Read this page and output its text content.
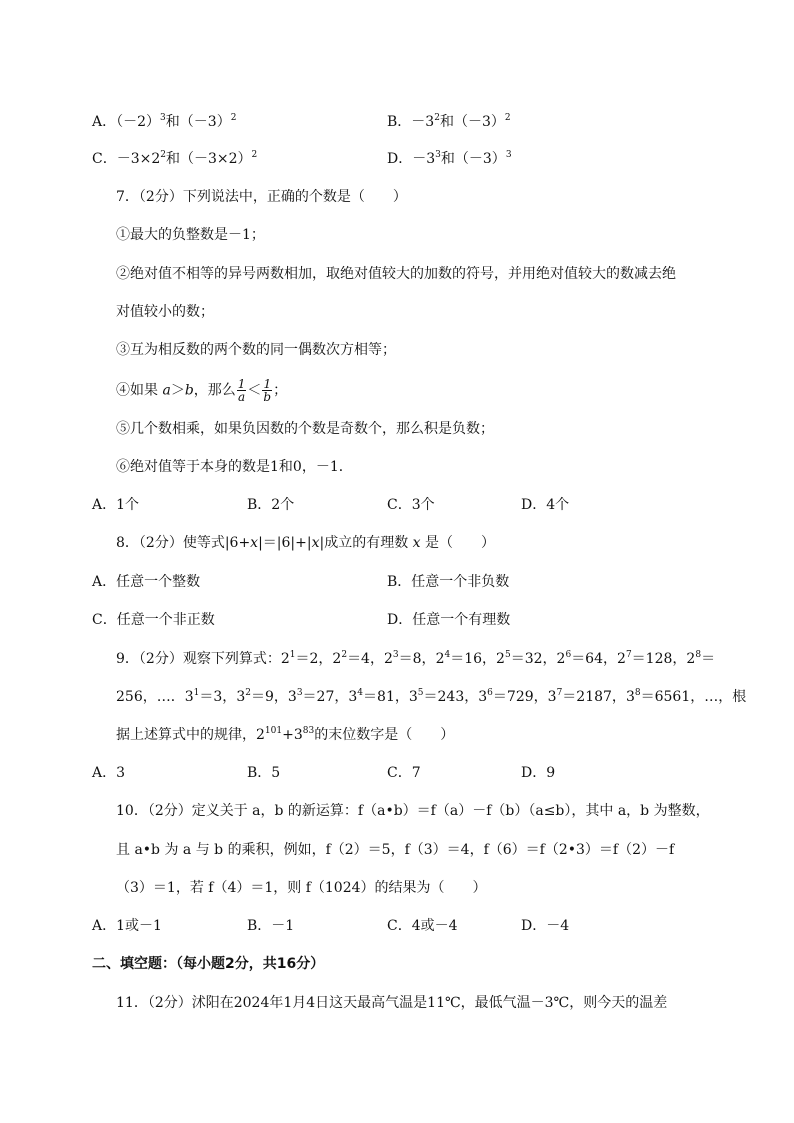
A．$(-2)^3$和$(-3)^2$	B．$-3^2$和$(-3)^2$
C．$-3\times 2^2$和$(-3\times 2)^2$	D．$-3^3$和$(-3)^3$
7．（2分）下列说法中，正确的个数是（　　）
①最大的负整数是－1；
②绝对值不相等的异号两数相加，取绝对值较大的加数的符号，并用绝对值较大的数减去绝
对值较小的数；
③互为相反数的两个数的同一偶数次方相等；
④如果 a＞b，那么 $\frac{1}{a} < \frac{1}{b}$ ；
⑤几个数相乘，如果负因数的个数是奇数个，那么积是负数；
⑥绝对值等于本身的数是1和0，－1．
A．1个	B．2个	C．3个	D．4个
8．（2分）使等式|6+x|＝|6|+|x|成立的有理数 x 是（　　）
A．任意一个整数	B．任意一个非负数
C．任意一个非正数	D．任意一个有理数
9．（2分）观察下列算式：$2^1=2$，$2^2=4$，$2^3=8$，$2^4=16$，$2^5=32$，$2^6=64$，$2^7=128$，$2^8=$
256，…．$3^1=3$，$3^2=9$，$3^3=27$，$3^4=81$，$3^5=243$，$3^6=729$，$3^7=2187$，$3^8=6561$，…，根
据上述算式中的规律，$2^{101}+3^{83}$的末位数字是（　　）
A．3	B．5	C．7	D．9
10．（2分）定义关于 a，b 的新运算：f（a•b）＝f（a）－f（b）（a≤b），其中 a，b 为整数，
且 a•b 为 a 与 b 的乘积，例如，f（2）＝5，f（3）＝4，f（6）＝f（2•3）＝f（2）－f
（3）＝1，若 f（4）＝1，则 f（1024）的结果为（　　）
A．1或－1	B．－1	C．4或－4	D．－4
二、填空题：（每小题2分，共16分）
11．（2分）沭阳在2024年1月4日这天最高气温是11℃，最低气温－3℃，则今天的温差
